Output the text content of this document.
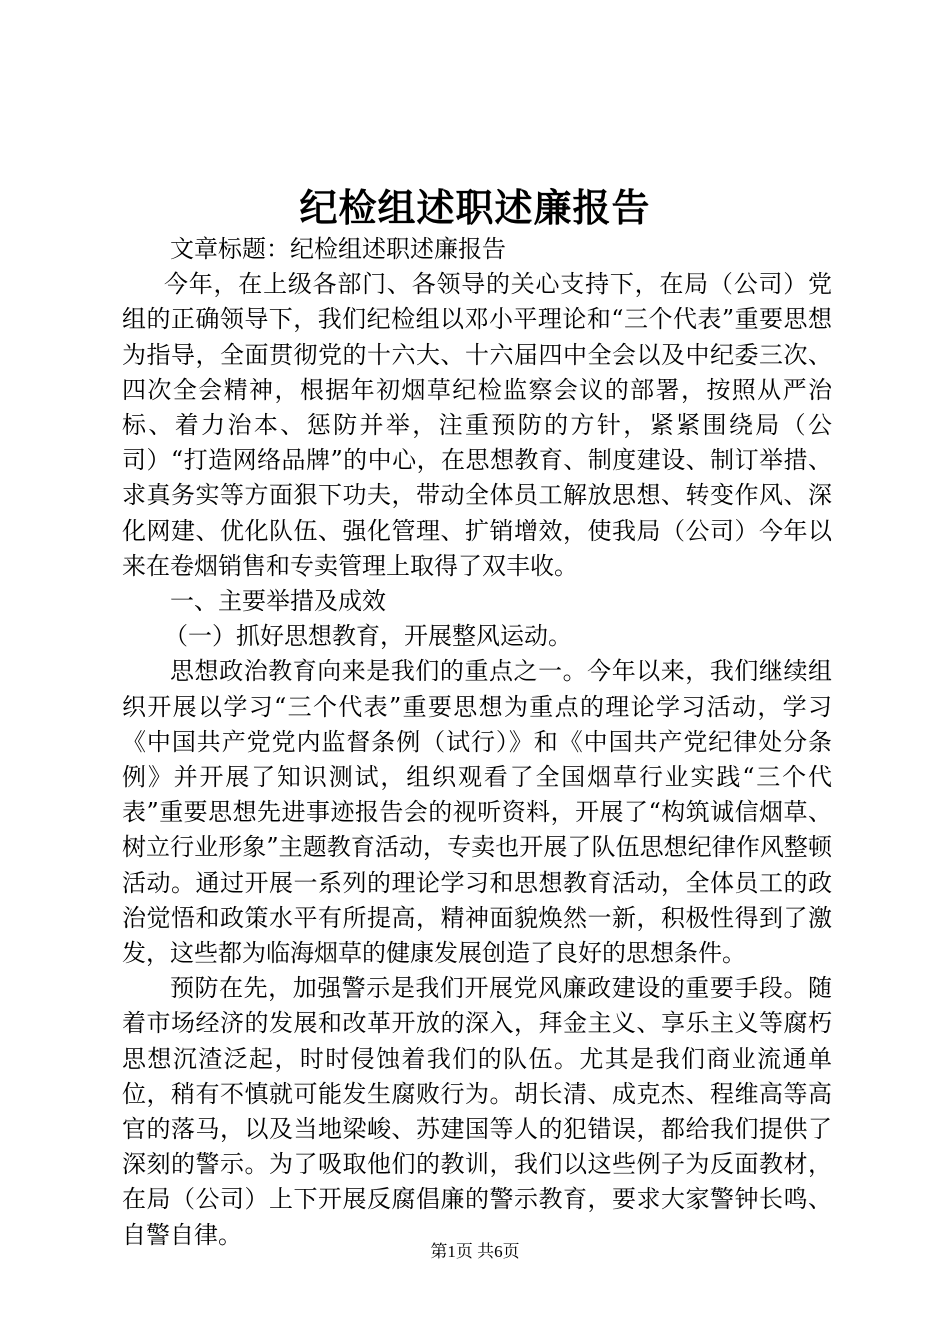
纪检组述职述廉报告

文章标题：纪检组述职述廉报告

今年，在上级各部门、各领导的关心支持下，在局（公司）党组的正确领导下，我们纪检组以邓小平理论和“三个代表”重要思想为指导，全面贯彻党的十六大、十六届四中全会以及中纪委三次、四次全会精神，根据年初烟草纪检监察会议的部署，按照从严治标、着力治本、惩防并举，注重预防的方针，紧紧围绕局（公司）“打造网络品牌”的中心，在思想教育、制度建设、制订举措、求真务实等方面狠下功夫，带动全体员工解放思想、转变作风、深化网建、优化队伍、强化管理、扩销增效，使我局（公司）今年以来在卷烟销售和专卖管理上取得了双丰收。

一、主要举措及成效

（一）抓好思想教育，开展整风运动。

思想政治教育向来是我们的重点之一。今年以来，我们继续组织开展以学习“三个代表”重要思想为重点的理论学习活动，学习《中国共产党党内监督条例（试行）》和《中国共产党纪律处分条例》并开展了知识测试，组织观看了全国烟草行业实践“三个代表”重要思想先进事迹报告会的视听资料，开展了“构筑诚信烟草、树立行业形象”主题教育活动，专卖也开展了队伍思想纪律作风整顿活动。通过开展一系列的理论学习和思想教育活动，全体员工的政治觉悟和政策水平有所提高，精神面貌焕然一新，积极性得到了激发，这些都为临海烟草的健康发展创造了良好的思想条件。

预防在先，加强警示是我们开展党风廉政建设的重要手段。随着市场经济的发展和改革开放的深入，拜金主义、享乐主义等腐朽思想沉渣泛起，时时侵蚀着我们的队伍。尤其是我们商业流通单位，稍有不慎就可能发生腐败行为。胡长清、成克杰、程维高等高官的落马，以及当地梁峻、苏建国等人的犯错误，都给我们提供了深刻的警示。为了吸取他们的教训，我们以这些例子为反面教材，在局（公司）上下开展反腐倡廉的警示教育，要求大家警钟长鸣、自警自律。

第1页 共6页
